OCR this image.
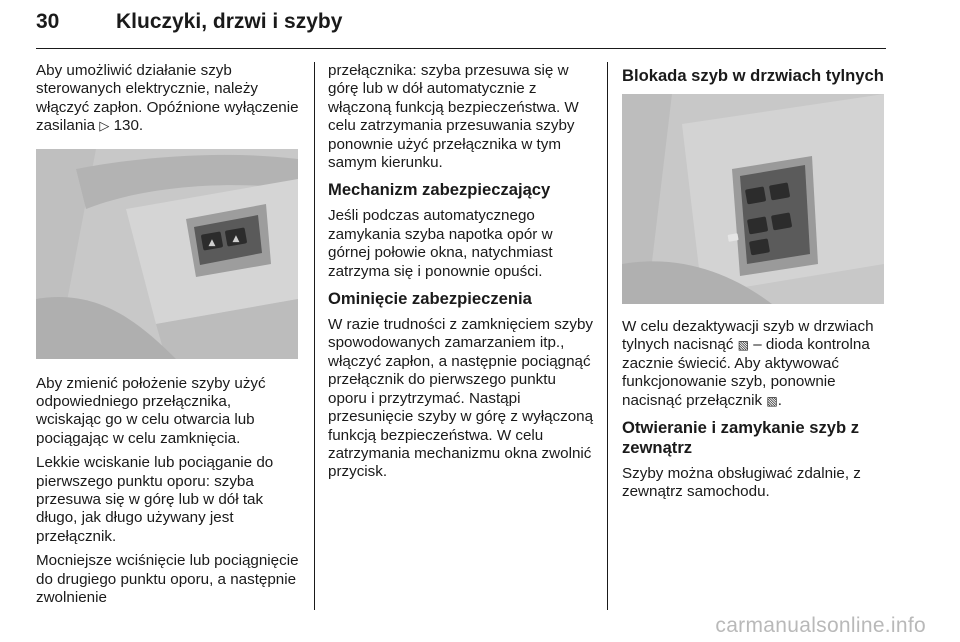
30	Kluczyki, drzwi i szyby

Aby umożliwić działanie szyb sterowanych elektrycznie, należy włączyć zapłon. Opóźnione wyłączenie zasilania ▷ 130.

▲ ▲

Aby zmienić położenie szyby użyć odpowiedniego przełącznika, wciskając go w celu otwarcia lub pociągając w celu zamknięcia.

Lekkie wciskanie lub pociąganie do pierwszego punktu oporu: szyba przesuwa się w górę lub w dół tak długo, jak długo używany jest przełącznik.

Mocniejsze wciśnięcie lub pociągnięcie do drugiego punktu oporu, a następnie zwolnienie

przełącznika: szyba przesuwa się w górę lub w dół automatycznie z włączoną funkcją bezpieczeństwa. W celu zatrzymania przesuwania szyby ponownie użyć przełącznika w tym samym kierunku.

Mechanizm zabezpieczający

Jeśli podczas automatycznego zamykania szyba napotka opór w górnej połowie okna, natychmiast zatrzyma się i ponownie opuści.

Ominięcie zabezpieczenia

W razie trudności z zamknięciem szyby spowodowanych zamarzaniem itp., włączyć zapłon, a następnie pociągnąć przełącznik do pierwszego punktu oporu i przytrzymać. Nastąpi przesunięcie szyby w górę z wyłączoną funkcją bezpieczeństwa. W celu zatrzymania mechanizmu okna zwolnić przycisk.

Blokada szyb w drzwiach tylnych

W celu dezaktywacji szyb w drzwiach tylnych nacisnąć ▧ – dioda kontrolna zacznie świecić. Aby aktywować funkcjonowanie szyb, ponownie nacisnąć przełącznik ▧.

Otwieranie i zamykanie szyb z zewnątrz

Szyby można obsługiwać zdalnie, z zewnątrz samochodu.

carmanualsonline.info
